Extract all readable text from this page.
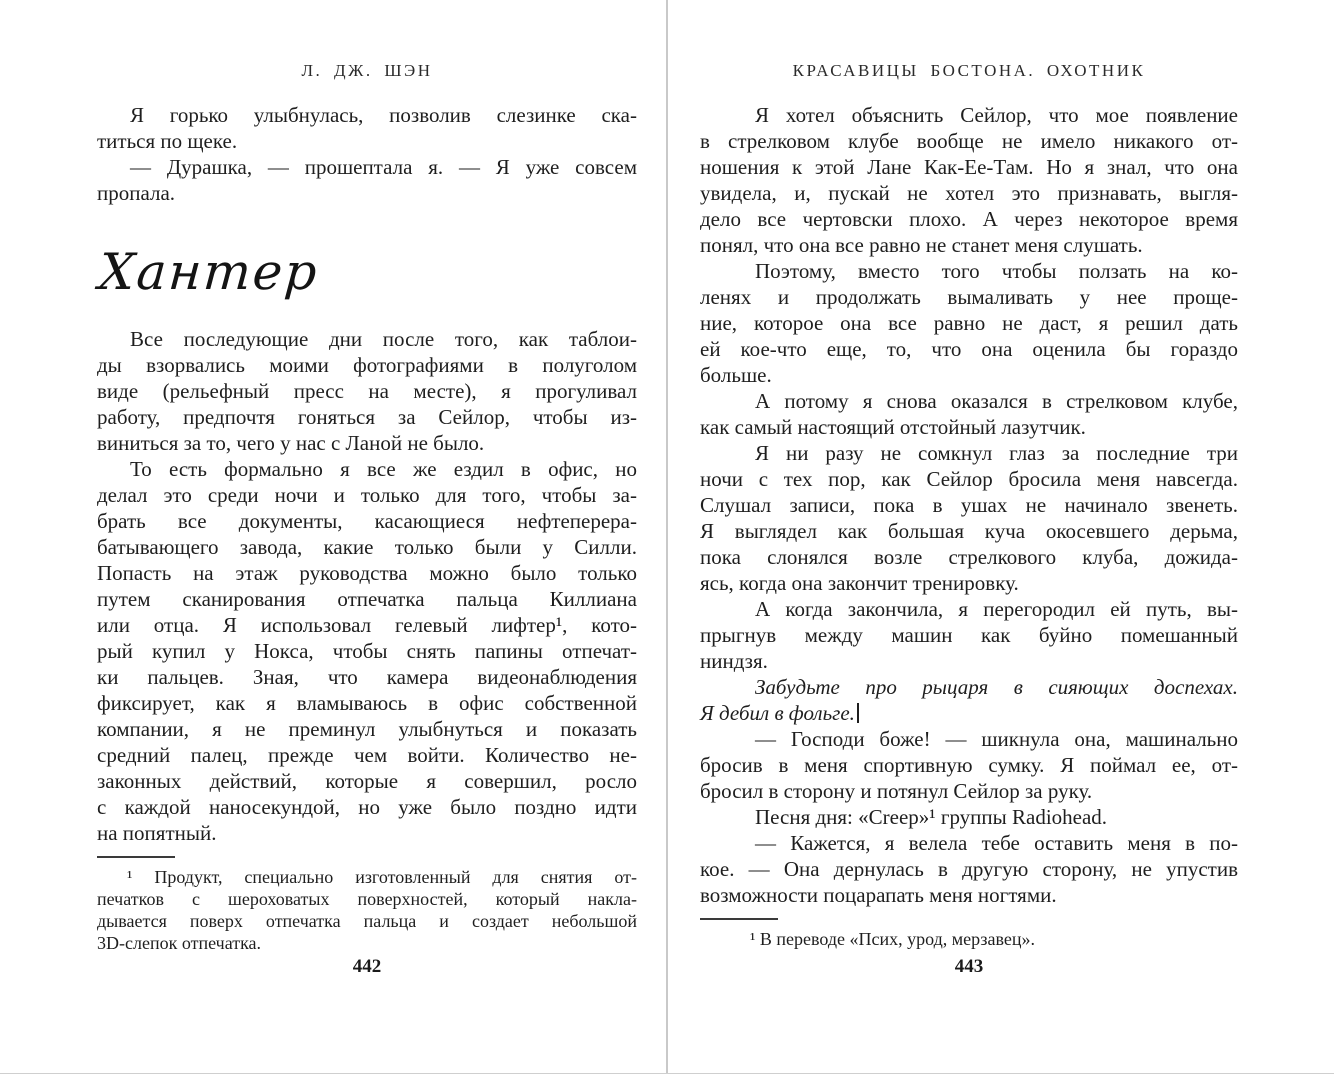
Л. ДЖ. ШЭН
Я горько улыбнулась, позволив слезинке ска-
титься по щеке.
— Дурашка, — прошептала я. — Я уже совсем
пропала.
Хантер
Все последующие дни после того, как таблои-
ды взорвались моими фотографиями в полуголом
виде (рельефный пресс на месте), я прогуливал
работу, предпочтя гоняться за Сейлор, чтобы из-
виниться за то, чего у нас с Ланой не было.
То есть формально я все же ездил в офис, но
делал это среди ночи и только для того, чтобы за-
брать все документы, касающиеся нефтеперера-
батывающего завода, какие только были у Силли.
Попасть на этаж руководства можно было только
путем сканирования отпечатка пальца Киллиана
или отца. Я использовал гелевый лифтер¹, кото-
рый купил у Нокса, чтобы снять папины отпечат-
ки пальцев. Зная, что камера видеонаблюдения
фиксирует, как я вламываюсь в офис собственной
компании, я не преминул улыбнуться и показать
средний палец, прежде чем войти. Количество не-
законных действий, которые я совершил, росло
с каждой наносекундой, но уже было поздно идти
на попятный.
¹ Продукт, специально изготовленный для снятия от-
печатков с шероховатых поверхностей, который накла-
дывается поверх отпечатка пальца и создает небольшой
3D-слепок отпечатка.
442
КРАСАВИЦЫ БОСТОНА. ОХОТНИК
Я хотел объяснить Сейлор, что мое появление
в стрелковом клубе вообще не имело никакого от-
ношения к этой Лане Как-Ее-Там. Но я знал, что она
увидела, и, пускай не хотел это признавать, выгля-
дело все чертовски плохо. А через некоторое время
понял, что она все равно не станет меня слушать.
Поэтому, вместо того чтобы ползать на ко-
ленях и продолжать вымаливать у нее проще-
ние, которое она все равно не даст, я решил дать
ей кое-что еще, то, что она оценила бы гораздо
больше.
А потому я снова оказался в стрелковом клубе,
как самый настоящий отстойный лазутчик.
Я ни разу не сомкнул глаз за последние три
ночи с тех пор, как Сейлор бросила меня навсегда.
Слушал записи, пока в ушах не начинало звенеть.
Я выглядел как большая куча окосевшего дерьма,
пока слонялся возле стрелкового клуба, дожида-
ясь, когда она закончит тренировку.
А когда закончила, я перегородил ей путь, вы-
прыгнув между машин как буйно помешанный
ниндзя.
Забудьте про рыцаря в сияющих доспехах.
Я дебил в фольге.
— Господи боже! — шикнула она, машинально
бросив в меня спортивную сумку. Я поймал ее, от-
бросил в сторону и потянул Сейлор за руку.
Песня дня: «Creep»¹ группы Radiohead.
— Кажется, я велела тебе оставить меня в по-
кое. — Она дернулась в другую сторону, не упустив
возможности поцарапать меня ногтями.
¹ В переводе «Псих, урод, мерзавец».
443
